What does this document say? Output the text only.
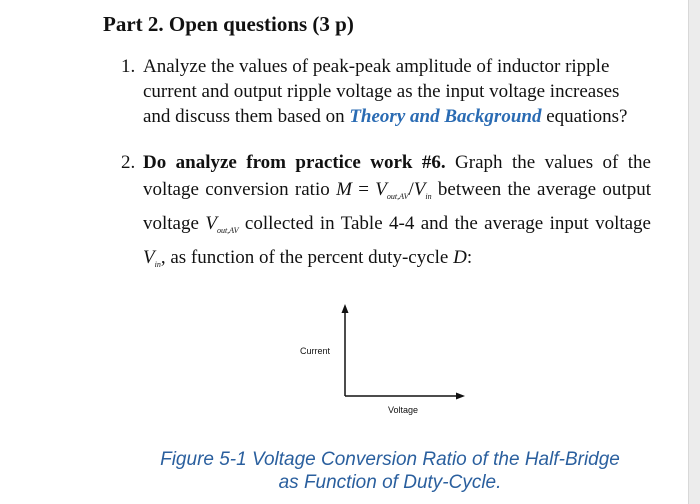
Part 2. Open questions (3 p)
1. Analyze the values of peak-peak amplitude of inductor ripple current and output ripple voltage as the input voltage increases and discuss them based on Theory and Background equations?
2. Do analyze from practice work #6. Graph the values of the voltage conversion ratio $M = V_{out,AV}/V_{in}$ between the average output voltage $V_{out,AV}$ collected in Table 4-4 and the average input voltage $V_{in}$, as function of the percent duty-cycle D:
Current
Voltage
Figure 5-1 Voltage Conversion Ratio of the Half-Bridge as Function of Duty-Cycle.
